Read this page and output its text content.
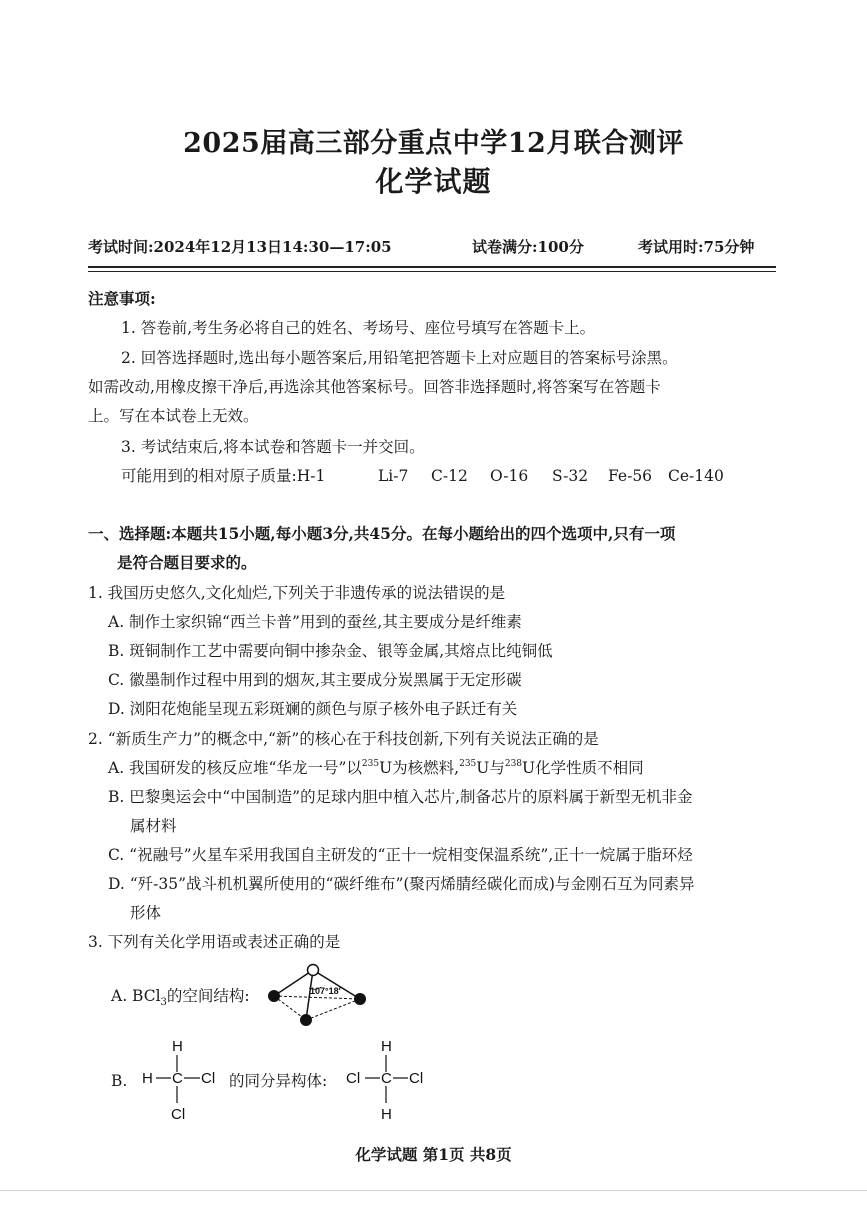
2025届高三部分重点中学12月联合测评
化学试题
考试时间:2024年12月13日14:30—17:05	试卷满分:100分	考试用时:75分钟
注意事项:
1. 答卷前,考生务必将自己的姓名、考场号、座位号填写在答题卡上。
2. 回答选择题时,选出每小题答案后,用铅笔把答题卡上对应题目的答案标号涂黑。
如需改动,用橡皮擦干净后,再选涂其他答案标号。回答非选择题时,将答案写在答题卡
上。写在本试卷上无效。
3. 考试结束后,将本试卷和答题卡一并交回。
可能用到的相对原子质量:H-1	Li-7 C-12 O-16 S-32 Fe-56 Ce-140
一、选择题:本题共15小题,每小题3分,共45分。在每小题给出的四个选项中,只有一项
是符合题目要求的。
1. 我国历史悠久,文化灿烂,下列关于非遗传承的说法错误的是
A. 制作土家织锦“西兰卡普”用到的蚕丝,其主要成分是纤维素
B. 斑铜制作工艺中需要向铜中掺杂金、银等金属,其熔点比纯铜低
C. 徽墨制作过程中用到的烟灰,其主要成分炭黑属于无定形碳
D. 浏阳花炮能呈现五彩斑斓的颜色与原子核外电子跃迁有关
2. “新质生产力”的概念中,“新”的核心在于科技创新,下列有关说法正确的是
A. 我国研发的核反应堆“华龙一号”以$^{235}$U为核燃料,$^{235}$U与$^{238}$U化学性质不相同
B. 巴黎奥运会中“中国制造”的足球内胆中植入芯片,制备芯片的原料属于新型无机非金
属材料
C. “祝融号”火星车采用我国自主研发的“正十一烷相变保温系统”,正十一烷属于脂环烃
D. “歼-35”战斗机机翼所使用的“碳纤维布”(聚丙烯腈经碳化而成)与金刚石互为同素异
形体
3. 下列有关化学用语或表述正确的是
A. BCl$_3$的空间结构:	107°18′
B.
H
H C Cl
Cl
的同分异构体:
H
Cl C Cl
H
化学试题 第1页 共8页
